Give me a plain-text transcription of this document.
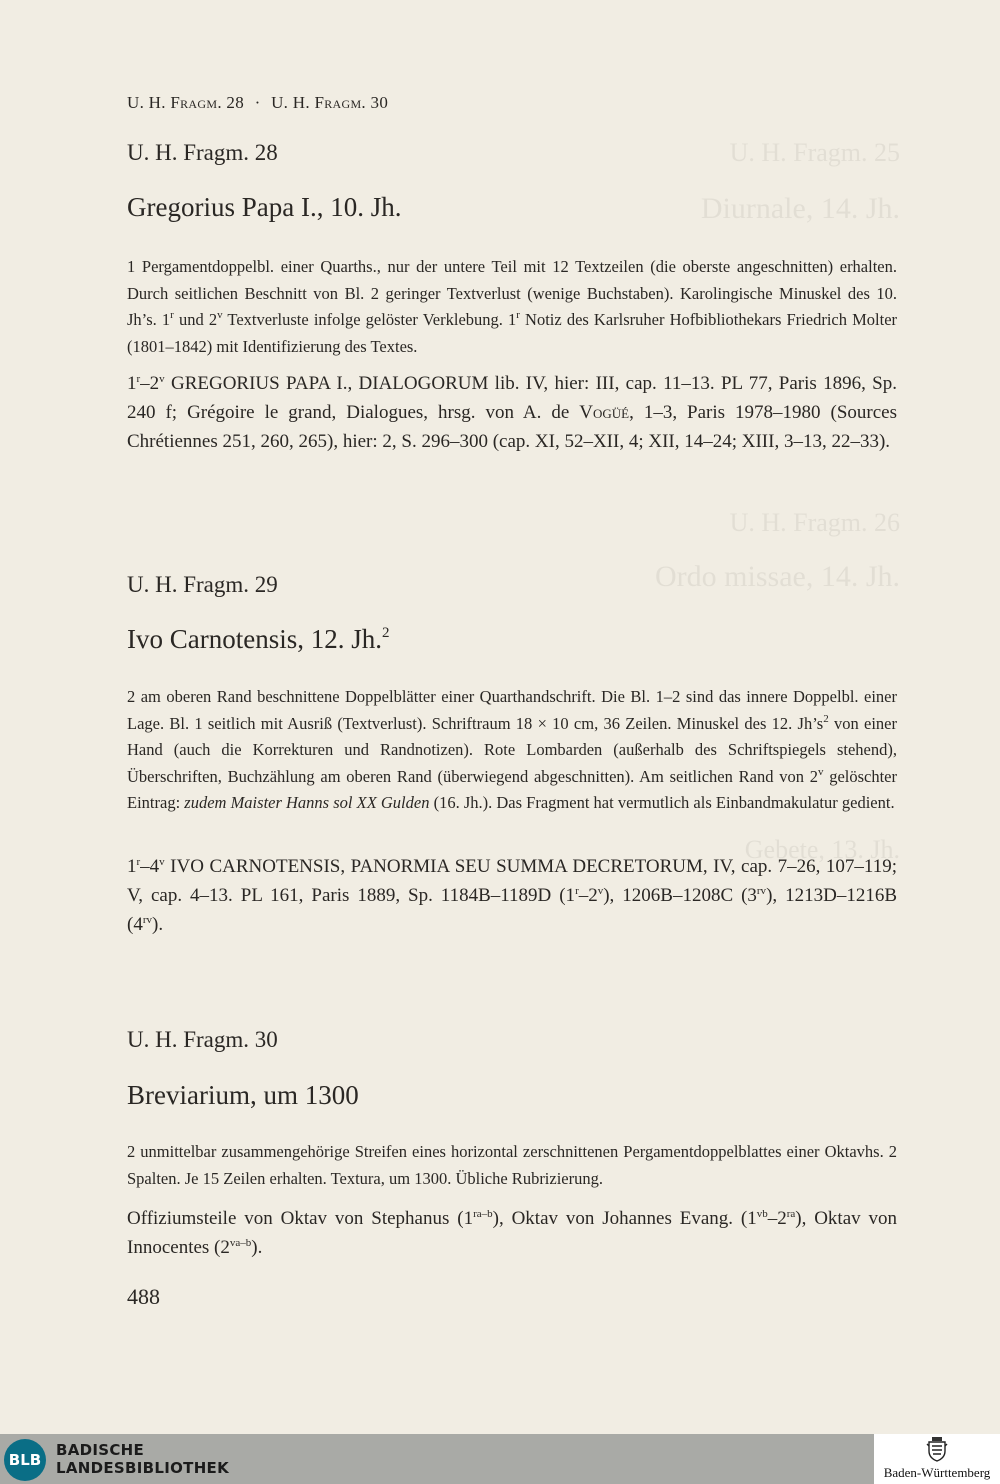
U. H. Fragm. 25
Diurnale, 14. Jh.
U. H. Fragm. 26
Ordo missae, 14. Jh.
Gebete, 13. Jh.
U. H. Fragm. 28 · U. H. Fragm. 30
U. H. Fragm. 28
Gregorius Papa I., 10. Jh.
1 Pergamentdoppelbl. einer Quarths., nur der untere Teil mit 12 Textzeilen (die oberste angeschnitten) erhalten. Durch seitlichen Beschnitt von Bl. 2 geringer Textverlust (wenige Buchstaben). Karolingische Minuskel des 10. Jh’s. 1$^r$ und 2$^v$ Textverluste infolge gelöster Verklebung. 1$^r$ Notiz des Karlsruher Hofbibliothekars Friedrich Molter (1801–1842) mit Identifizierung des Textes.
1$^r$–2$^v$ GREGORIUS PAPA I., DIALOGORUM lib. IV, hier: III, cap. 11–13. PL 77, Paris 1896, Sp. 240 f; Grégoire le grand, Dialogues, hrsg. von A. de Vogüé, 1–3, Paris 1978–1980 (Sources Chrétiennes 251, 260, 265), hier: 2, S. 296–300 (cap. XI, 52–XII, 4; XII, 14–24; XIII, 3–13, 22–33).
U. H. Fragm. 29
Ivo Carnotensis, 12. Jh.$^2$
2 am oberen Rand beschnittene Doppelblätter einer Quarthandschrift. Die Bl. 1–2 sind das innere Doppelbl. einer Lage. Bl. 1 seitlich mit Ausriß (Textverlust). Schriftraum 18 × 10 cm, 36 Zeilen. Minuskel des 12. $Jh’s^2$ von einer Hand (auch die Korrekturen und Randnotizen). Rote Lombarden (außerhalb des Schriftspiegels stehend), Überschriften, Buchzählung am oberen Rand (überwiegend abgeschnitten). Am seitlichen Rand von 2$^v$ gelöschter Eintrag: zudem Maister Hanns sol XX Gulden (16. Jh.). Das Fragment hat vermutlich als Einbandmakulatur gedient.
1$^r$–4$^v$ IVO CARNOTENSIS, PANORMIA SEU SUMMA DECRETORUM, IV, cap. 7–26, 107–119; V, cap. 4–13. PL 161, Paris 1889, Sp. 1184B–1189D (1$^r$–2$^v$), 1206B–1208C $(3^{rv})$, 1213D–1216B $(4^{rv})$.
U. H. Fragm. 30
Breviarium, um 1300
2 unmittelbar zusammengehörige Streifen eines horizontal zerschnittenen Pergamentdoppelblattes einer Oktavhs. 2 Spalten. Je 15 Zeilen erhalten. Textura, um 1300. Übliche Rubrizierung.
Offiziumsteile von Oktav von Stephanus $(1^{ra-b})$, Oktav von Johannes Evang. $(1^{vb}-2^{ra})$, Oktav von Innocentes $(2^{va-b})$.
488
BLB
BADISCHE
LANDESBIBLIOTHEK	Baden-Württemberg
